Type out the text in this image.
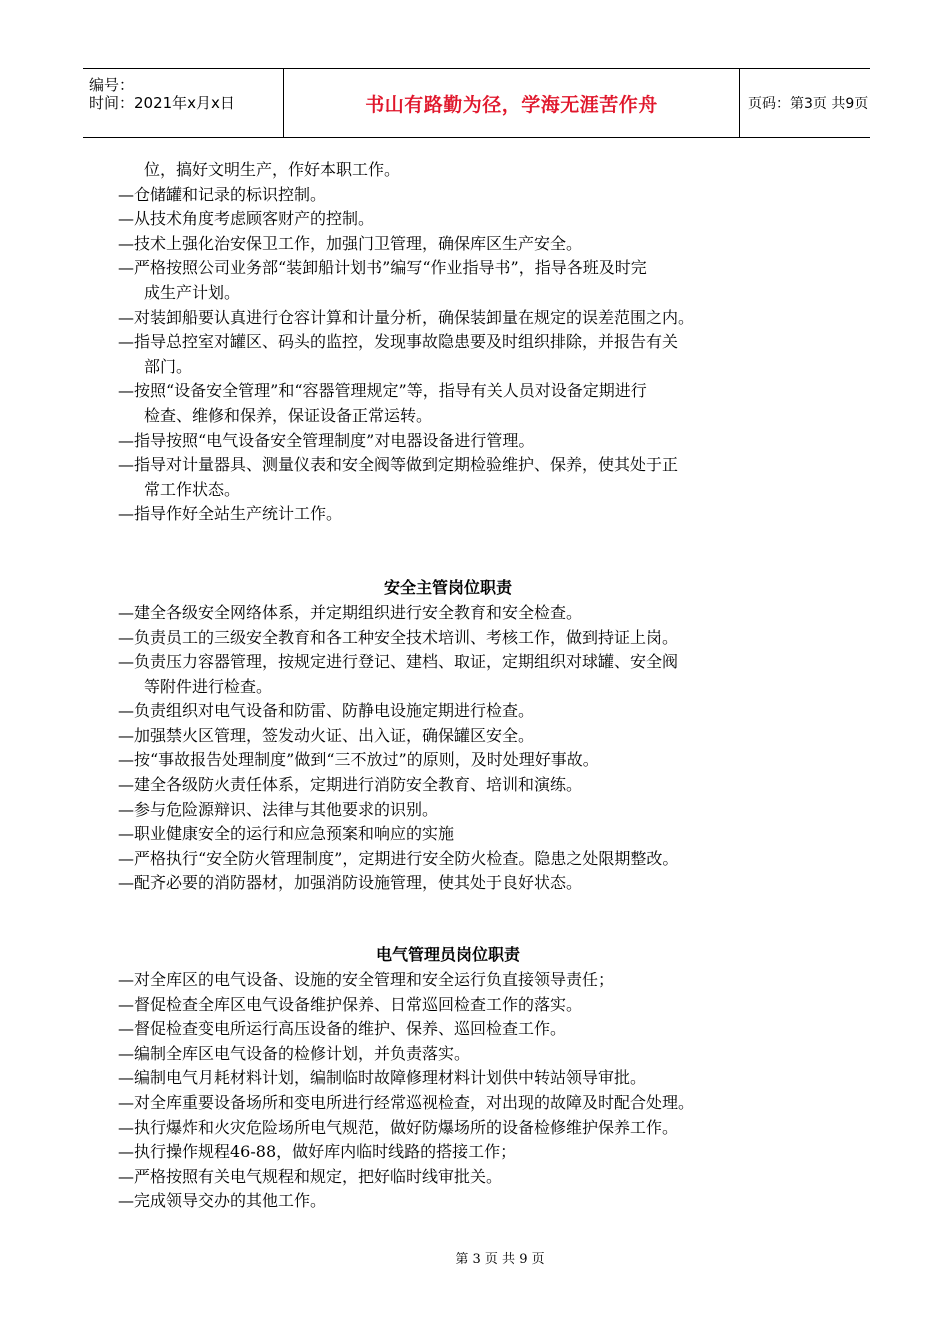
编号：
时间：2021年x月x日	书山有路勤为径，学海无涯苦作舟	页码：第3页 共9页
位，搞好文明生产，作好本职工作。
—仓储罐和记录的标识控制。
—从技术角度考虑顾客财产的控制。
—技术上强化治安保卫工作，加强门卫管理，确保库区生产安全。
—严格按照公司业务部“装卸船计划书”编写“作业指导书”，指导各班及时完
成生产计划。
—对装卸船要认真进行仓容计算和计量分析，确保装卸量在规定的误差范围之内。
—指导总控室对罐区、码头的监控，发现事故隐患要及时组织排除，并报告有关
部门。
—按照“设备安全管理”和“容器管理规定”等，指导有关人员对设备定期进行
检查、维修和保养，保证设备正常运转。
—指导按照“电气设备安全管理制度”对电器设备进行管理。
—指导对计量器具、测量仪表和安全阀等做到定期检验维护、保养，使其处于正
常工作状态。
—指导作好全站生产统计工作。
安全主管岗位职责
—建全各级安全网络体系，并定期组织进行安全教育和安全检查。
—负责员工的三级安全教育和各工种安全技术培训、考核工作，做到持证上岗。
—负责压力容器管理，按规定进行登记、建档、取证，定期组织对球罐、安全阀
等附件进行检查。
—负责组织对电气设备和防雷、防静电设施定期进行检查。
—加强禁火区管理，签发动火证、出入证，确保罐区安全。
—按“事故报告处理制度”做到“三不放过”的原则，及时处理好事故。
—建全各级防火责任体系，定期进行消防安全教育、培训和演练。
—参与危险源辩识、法律与其他要求的识别。
—职业健康安全的运行和应急预案和响应的实施
—严格执行“安全防火管理制度”，定期进行安全防火检查。隐患之处限期整改。
—配齐必要的消防器材，加强消防设施管理，使其处于良好状态。
电气管理员岗位职责
—对全库区的电气设备、设施的安全管理和安全运行负直接领导责任；
—督促检查全库区电气设备维护保养、日常巡回检查工作的落实。
—督促检查变电所运行高压设备的维护、保养、巡回检查工作。
—编制全库区电气设备的检修计划，并负责落实。
—编制电气月耗材料计划，编制临时故障修理材料计划供中转站领导审批。
—对全库重要设备场所和变电所进行经常巡视检查，对出现的故障及时配合处理。
—执行爆炸和火灾危险场所电气规范，做好防爆场所的设备检修维护保养工作。
—执行操作规程46-88，做好库内临时线路的搭接工作；
—严格按照有关电气规程和规定，把好临时线审批关。
—完成领导交办的其他工作。
第 3 页 共 9 页
